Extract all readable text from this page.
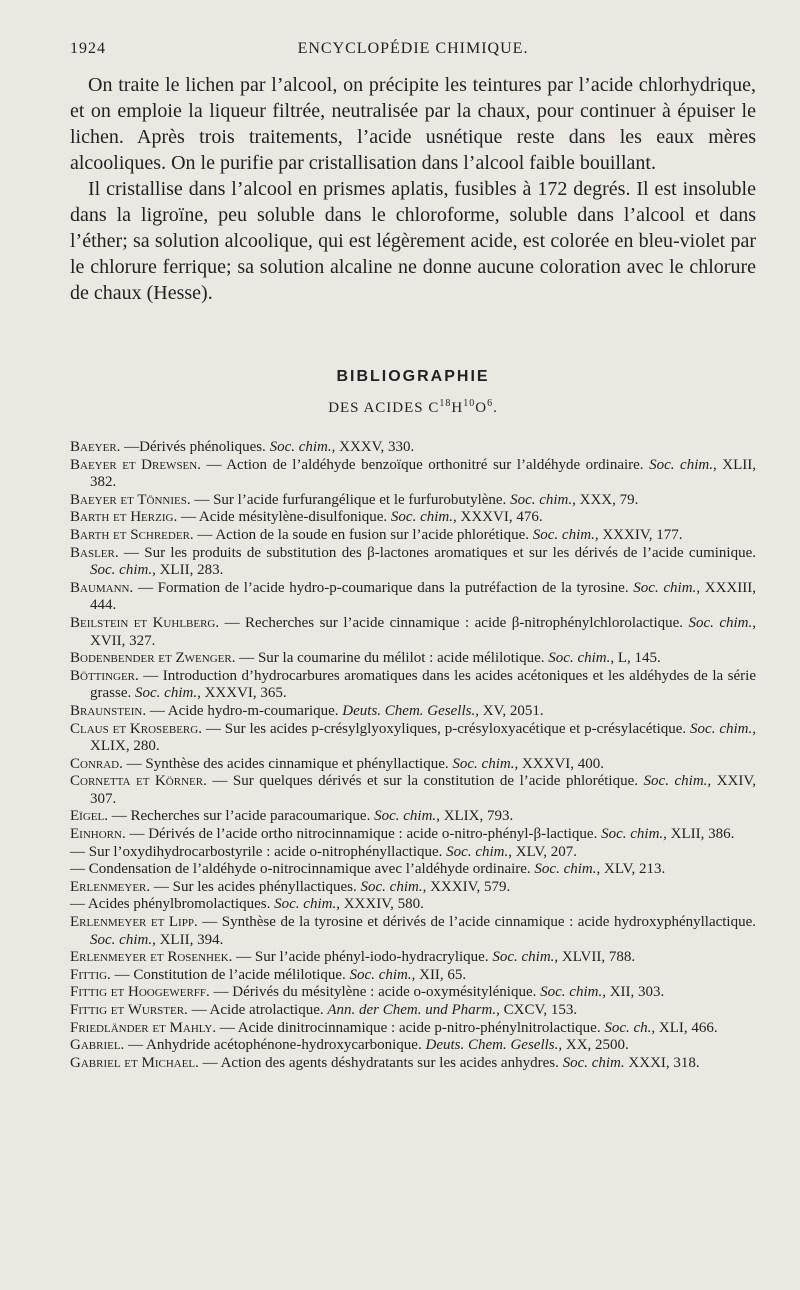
1924	ENCYCLOPÉDIE CHIMIQUE.

On traite le lichen par l’alcool, on précipite les teintures par l’acide chlorhydrique, et on emploie la liqueur filtrée, neutralisée par la chaux, pour continuer à épuiser le lichen. Après trois traitements, l’acide usnétique reste dans les eaux mères alcooliques. On le purifie par cristallisation dans l’alcool faible bouillant.

Il cristallise dans l’alcool en prismes aplatis, fusibles à 172 degrés. Il est insoluble dans la ligroïne, peu soluble dans le chloroforme, soluble dans l’alcool et dans l’éther; sa solution alcoolique, qui est légèrement acide, est colorée en bleu-violet par le chlorure ferrique; sa solution alcaline ne donne aucune coloration avec le chlorure de chaux (Hesse).

BIBLIOGRAPHIE
DES ACIDES $C^{18}H^{10}O^6$.

Baeyer. —Dérivés phénoliques. Soc. chim., XXXV, 330.

Baeyer et Drewsen. — Action de l’aldéhyde benzoïque orthonitré sur l’aldéhyde ordinaire. Soc. chim., XLII, 382.

Baeyer et Tönnies. — Sur l’acide furfurangélique et le furfurobutylène. Soc. chim., XXX, 79.

Barth et Herzig. — Acide mésitylène-disulfonique. Soc. chim., XXXVI, 476.

Barth et Schreder. — Action de la soude en fusion sur l’acide phlorétique. Soc. chim., XXXIV, 177.

Basler. — Sur les produits de substitution des β-lactones aromatiques et sur les dérivés de l’acide cuminique. Soc. chim., XLII, 283.

Baumann. — Formation de l’acide hydro-p-coumarique dans la putréfaction de la tyrosine. Soc. chim., XXXIII, 444.

Beilstein et Kuhlberg. — Recherches sur l’acide cinnamique : acide β-nitrophénylchlorolactique. Soc. chim., XVII, 327.

Bodenbender et Zwenger. — Sur la coumarine du mélilot : acide mélilotique. Soc. chim., L, 145.

Böttinger. — Introduction d’hydrocarbures aromatiques dans les acides acétoniques et les aldéhydes de la série grasse. Soc. chim., XXXVI, 365.

Braunstein. — Acide hydro-m-coumarique. Deuts. Chem. Gesells., XV, 2051.

Claus et Kroseberg. — Sur les acides p-crésylglyoxyliques, p-crésyloxyacétique et p-crésylacétique. Soc. chim., XLIX, 280.

Conrad. — Synthèse des acides cinnamique et phényllactique. Soc. chim., XXXVI, 400.

Cornetta et Körner. — Sur quelques dérivés et sur la constitution de l’acide phlorétique. Soc. chim., XXIV, 307.

Eïgel. — Recherches sur l’acide paracoumarique. Soc. chim., XLIX, 793.

Einhorn. — Dérivés de l’acide ortho nitrocinnamique : acide o-nitro-phényl-β-lactique. Soc. chim., XLII, 386.

— Sur l’oxydihydrocarbostyrile : acide o-nitrophényllactique. Soc. chim., XLV, 207.

— Condensation de l’aldéhyde o-nitrocinnamique avec l’aldéhyde ordinaire. Soc. chim., XLV, 213.

Erlenmeyer. — Sur les acides phényllactiques. Soc. chim., XXXIV, 579.

— Acides phénylbromolactiques. Soc. chim., XXXIV, 580.

Erlenmeyer et Lipp. — Synthèse de la tyrosine et dérivés de l’acide cinnamique : acide hydroxyphényllactique. Soc. chim., XLII, 394.

Erlenmeyer et Rosenhek. — Sur l’acide phényl-iodo-hydracrylique. Soc. chim., XLVII, 788.

Fittig. — Constitution de l’acide mélilotique. Soc. chim., XII, 65.

Fittig et Hoogewerff. — Dérivés du mésitylène : acide o-oxymésitylénique. Soc. chim., XII, 303.

Fittig et Wurster. — Acide atrolactique. Ann. der Chem. und Pharm., CXCV, 153.

Friedländer et Mahly. — Acide dinitrocinnamique : acide p-nitro-phénylnitrolactique. Soc. ch., XLI, 466.

Gabriel. — Anhydride acétophénone-hydroxycarbonique. Deuts. Chem. Gesells., XX, 2500.

Gabriel et Michael. — Action des agents déshydratants sur les acides anhydres. Soc. chim. XXXI, 318.
